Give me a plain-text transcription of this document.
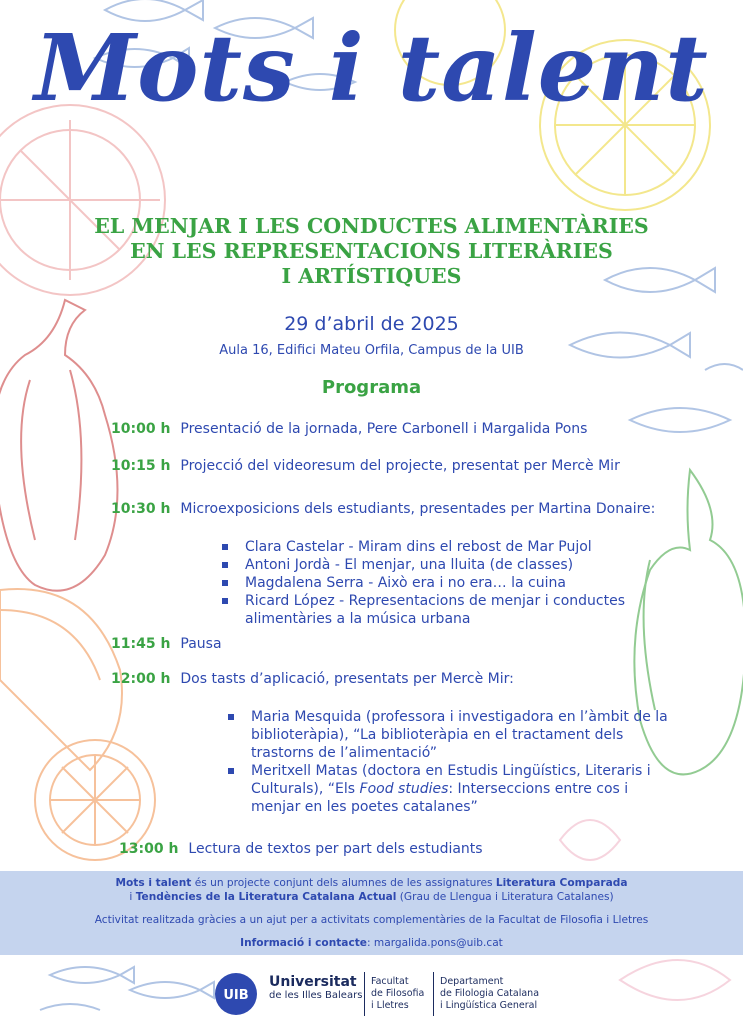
Mots i talent
EL MENJAR I LES CONDUCTES ALIMENTÀRIES
EN LES REPRESENTACIONS LITERÀRIES
I ARTÍSTIQUES
29 d’abril de 2025
Aula 16, Edifici Mateu Orfila, Campus de la UIB
Programa
10:00 h Presentació de la jornada, Pere Carbonell i Margalida Pons
10:15 h Projecció del videoresum del projecte, presentat per Mercè Mir
10:30 h Microexposicions dels estudiants, presentades per Martina Donaire:
Clara Castelar - Miram dins el rebost de Mar Pujol
Antoni Jordà - El menjar, una lluita (de classes)
Magdalena Serra - Això era i no era… la cuina
Ricard López - Representacions de menjar i conductes
alimentàries a la música urbana
11:45 h Pausa
12:00 h Dos tasts d’aplicació, presentats per Mercè Mir:
Maria Mesquida (professora i investigadora en l’àmbit de la
biblioteràpia), “La biblioteràpia en el tractament dels
trastorns de l’alimentació”
Meritxell Matas (doctora en Estudis Lingüístics, Literaris i
Culturals), “Els Food studies: Interseccions entre cos i
menjar en les poetes catalanes”
13:00 h Lectura de textos per part dels estudiants

Mots i talent és un projecte conjunt dels alumnes de les assignatures Literatura Comparada

i Tendències de la Literatura Catalana Actual (Grau de Llengua i Literatura Catalanes)

Activitat realitzada gràcies a un ajut per a activitats complementàries de la Facultat de Filosofia i Lletres

Informació i contacte: margalida.pons@uib.cat

UIB
Universitat
de les Illes Balears
Facultat
de Filosofia
i Lletres
Departament
de Filologia Catalana
i Lingüística General
